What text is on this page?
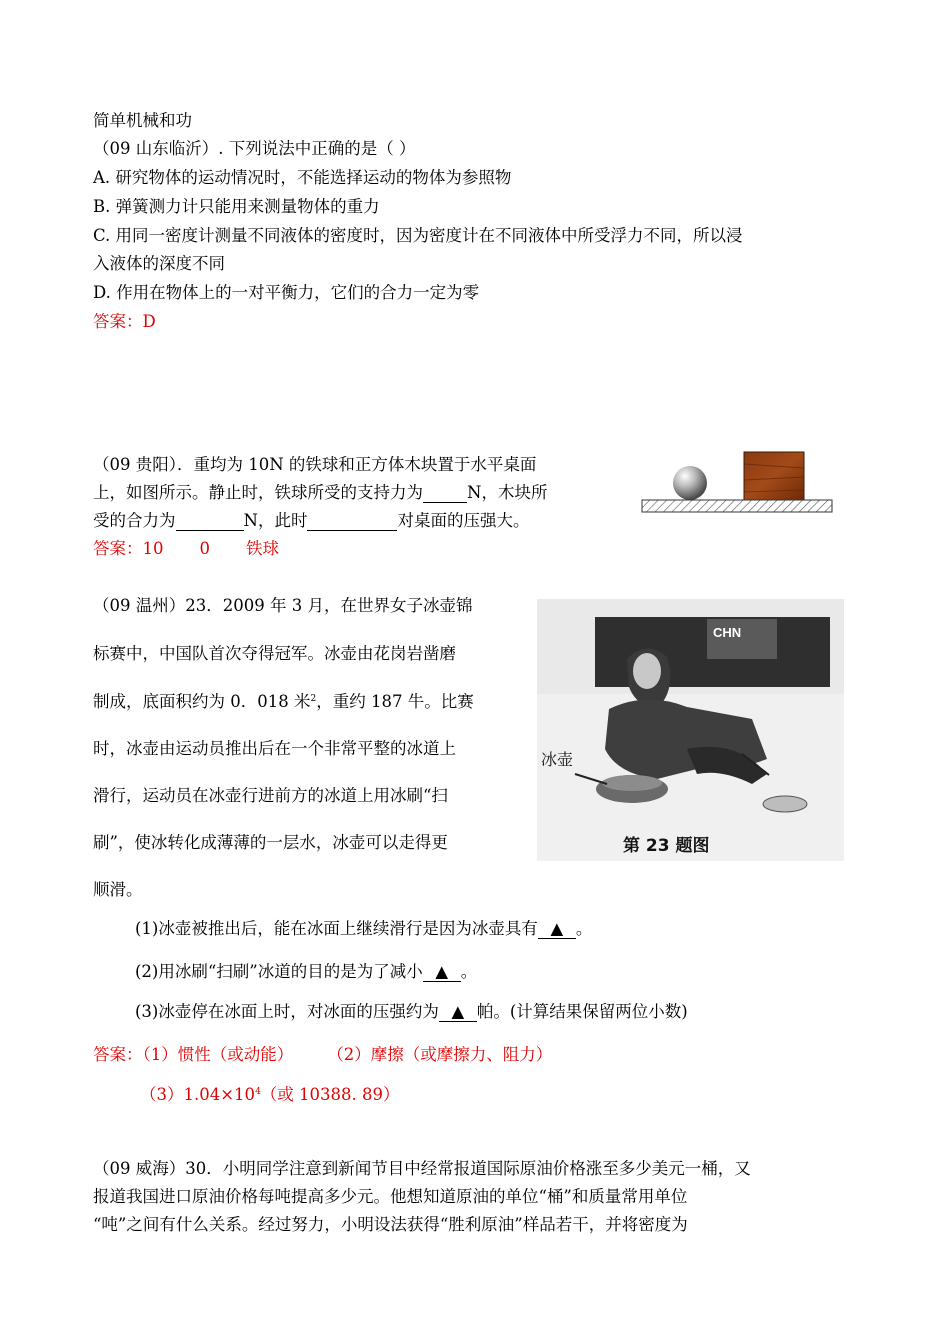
简单机械和功
（09 山东临沂）. 下列说法中正确的是（ ）
A. 研究物体的运动情况时，不能选择运动的物体为参照物
B. 弹簧测力计只能用来测量物体的重力
C. 用同一密度计测量不同液体的密度时，因为密度计在不同液体中所受浮力不同，所以浸
入液体的深度不同
D. 作用在物体上的一对平衡力，它们的合力一定为零
答案：D
（09 贵阳）．重均为 10N 的铁球和正方体木块置于水平桌面
上，如图所示。静止时，铁球所受的支持力为	N，木块所
受的合力为	N，此时	对桌面的压强大。
答案：10 0 铁球
（09 温州）23．2009 年 3 月，在世界女子冰壶锦
标赛中，中国队首次夺得冠军。冰壶由花岗岩凿磨
制成，底面积约为 0．018 米$^2$，重约 187 牛。比赛
时，冰壶由运动员推出后在一个非常平整的冰道上
滑行，运动员在冰壶行进前方的冰道上用冰刷“扫
刷”，使冰转化成薄薄的一层水，冰壶可以走得更
顺滑。
CHN
冰壶
第 23 题图
(1)冰壶被推出后，能在冰面上继续滑行是因为冰壶具有 ▲ 。
(2)用冰刷“扫刷”冰道的目的是为了减小 ▲ 。
(3)冰壶停在冰面上时，对冰面的压强约为 ▲ 帕。(计算结果保留两位小数)
答案：（1）惯性（或动能） （2）摩擦（或摩擦力、阻力）
$(3)1.04\times 10^4$（或 10388. 89）
（09 威海）30．小明同学注意到新闻节目中经常报道国际原油价格涨至多少美元一桶，又
报道我国进口原油价格每吨提高多少元。他想知道原油的单位“桶”和质量常用单位
“吨”之间有什么关系。经过努力，小明设法获得“胜利原油”样品若干，并将密度为
